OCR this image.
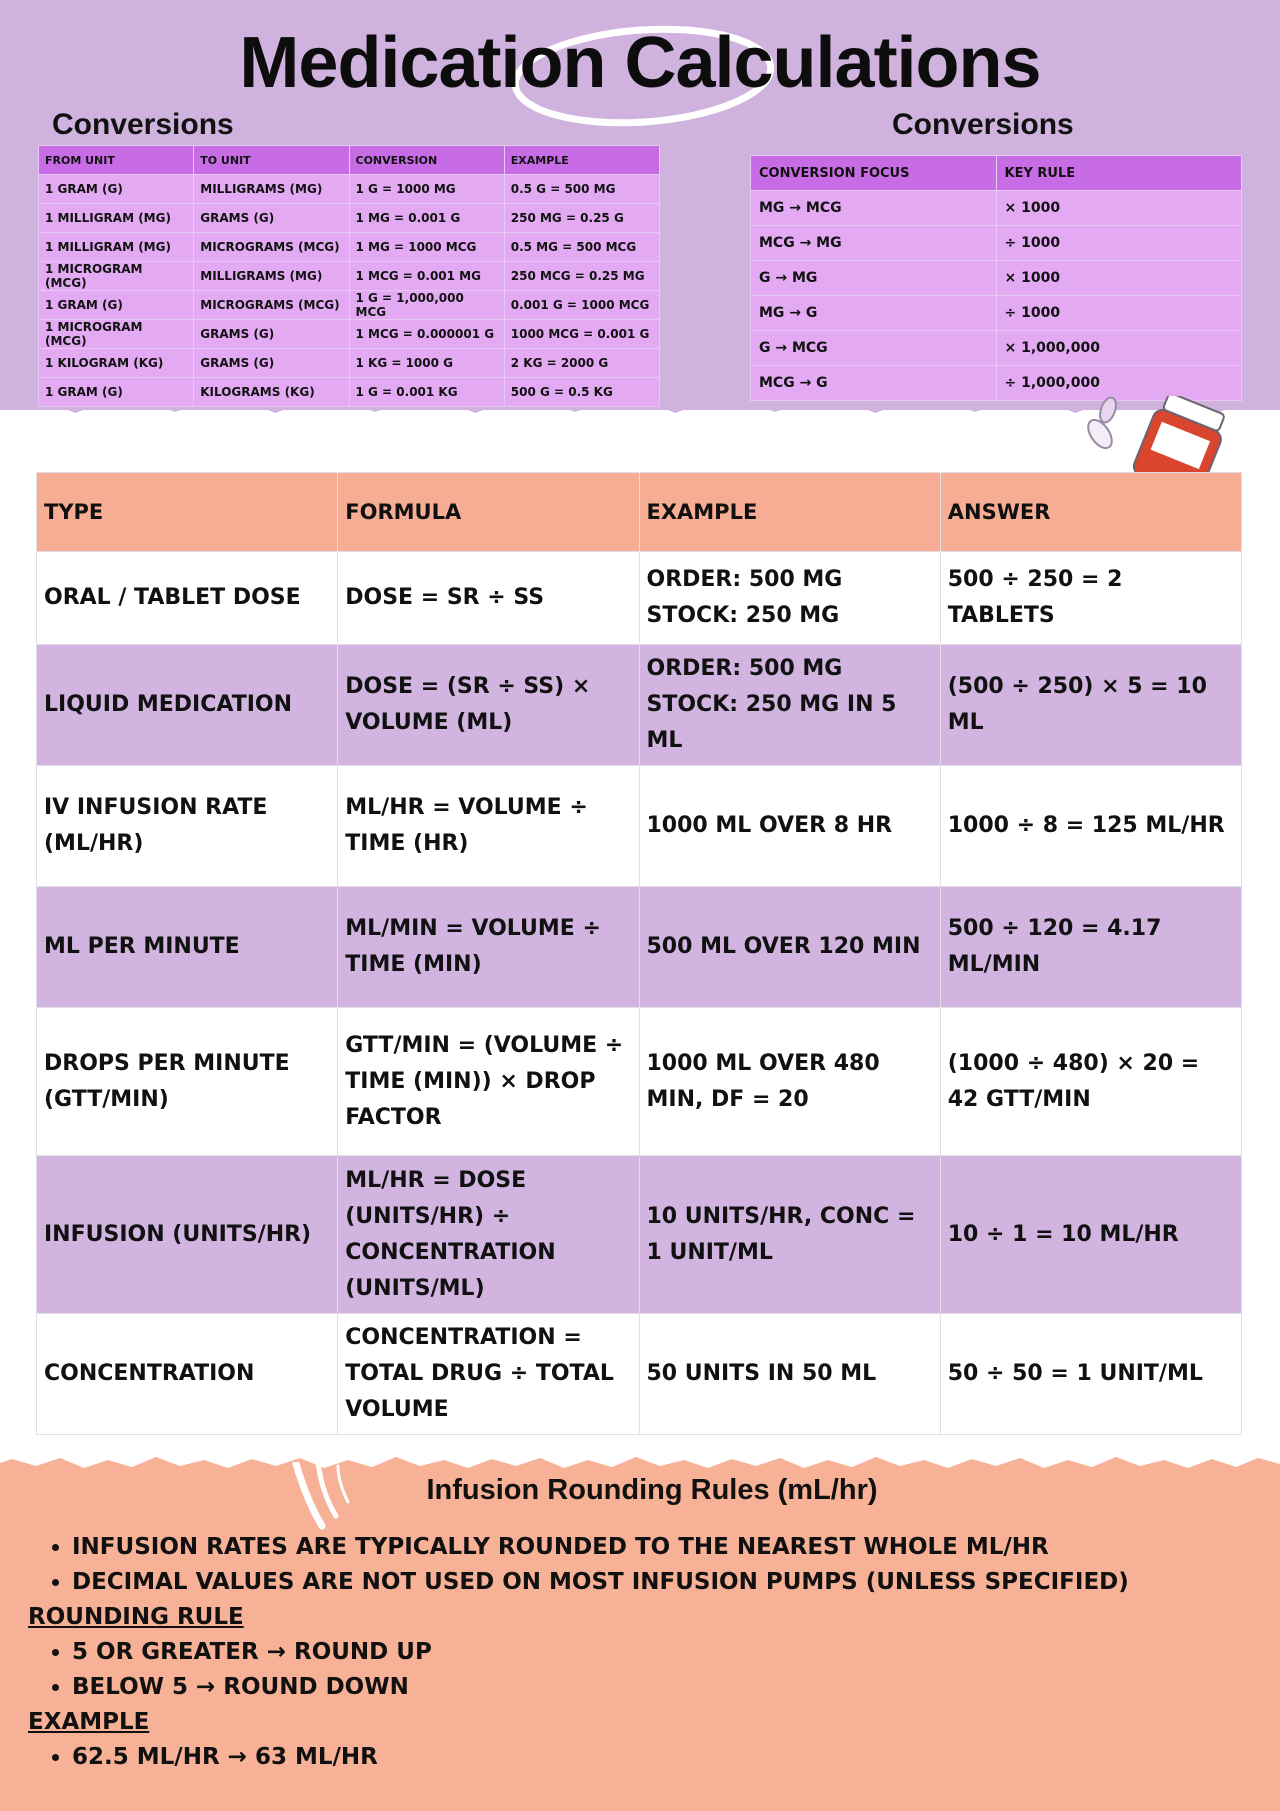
Medication Calculations
Conversions	Conversions
FROM UNIT	TO UNIT	CONVERSION	EXAMPLE
1 GRAM (G)	MILLIGRAMS (MG)	1 G = 1000 MG	0.5 G = 500 MG
1 MILLIGRAM (MG)	GRAMS (G)	1 MG = 0.001 G	250 MG = 0.25 G
1 MILLIGRAM (MG)	MICROGRAMS (MCG)	1 MG = 1000 MCG	0.5 MG = 500 MCG
1 MICROGRAM (MCG)	MILLIGRAMS (MG)	1 MCG = 0.001 MG	250 MCG = 0.25 MG
1 GRAM (G)	MICROGRAMS (MCG)	1 G = 1,000,000 MCG	0.001 G = 1000 MCG
1 MICROGRAM (MCG)	GRAMS (G)	1 MCG = 0.000001 G	1000 MCG = 0.001 G
1 KILOGRAM (KG)	GRAMS (G)	1 KG = 1000 G	2 KG = 2000 G
1 GRAM (G)	KILOGRAMS (KG)	1 G = 0.001 KG	500 G = 0.5 KG
CONVERSION FOCUS	KEY RULE
MG → MCG	× 1000
MCG → MG	÷ 1000
G → MG	× 1000
MG → G	÷ 1000
G → MCG	× 1,000,000
MCG → G	÷ 1,000,000
TYPE	FORMULA	EXAMPLE	ANSWER
ORAL / TABLET DOSE	DOSE = SR ÷ SS	ORDER: 500 MG STOCK: 250 MG	500 ÷ 250 = 2 TABLETS
LIQUID MEDICATION	DOSE = (SR ÷ SS) × VOLUME (ML)	ORDER: 500 MG STOCK: 250 MG IN 5 ML	(500 ÷ 250) × 5 = 10 ML
IV INFUSION RATE (ML/HR)	ML/HR = VOLUME ÷ TIME (HR)	1000 ML OVER 8 HR	1000 ÷ 8 = 125 ML/HR
ML PER MINUTE	ML/MIN = VOLUME ÷ TIME (MIN)	500 ML OVER 120 MIN	500 ÷ 120 = 4.17 ML/MIN
DROPS PER MINUTE (GTT/MIN)	GTT/MIN = (VOLUME ÷ TIME (MIN)) × DROP FACTOR	1000 ML OVER 480 MIN, DF = 20	(1000 ÷ 480) × 20 = 42 GTT/MIN
INFUSION (UNITS/HR)	ML/HR = DOSE (UNITS/HR) ÷ CONCENTRATION (UNITS/ML)	10 UNITS/HR, CONC = 1 UNIT/ML	10 ÷ 1 = 10 ML/HR
CONCENTRATION	CONCENTRATION = TOTAL DRUG ÷ TOTAL VOLUME	50 UNITS IN 50 ML	50 ÷ 50 = 1 UNIT/ML
Infusion Rounding Rules (mL/hr)
• INFUSION RATES ARE TYPICALLY ROUNDED TO THE NEAREST WHOLE ML/HR
• DECIMAL VALUES ARE NOT USED ON MOST INFUSION PUMPS (UNLESS SPECIFIED)
ROUNDING RULE
• 5 OR GREATER → ROUND UP
• BELOW 5 → ROUND DOWN
EXAMPLE
• 62.5 ML/HR → 63 ML/HR
